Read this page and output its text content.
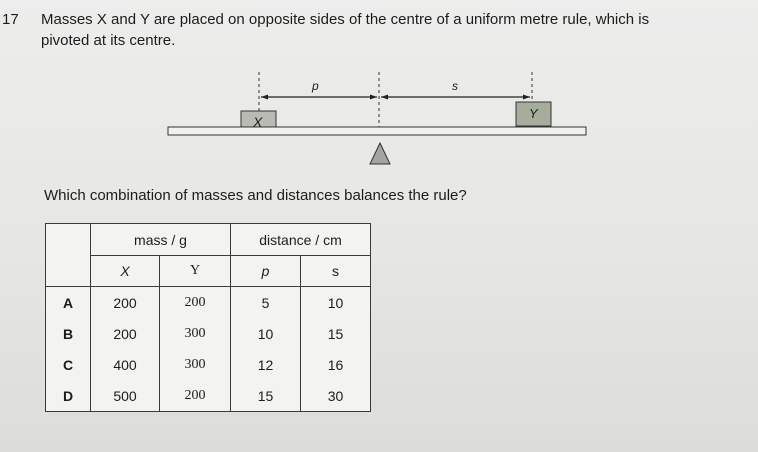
17 Masses X and Y are placed on opposite sides of the centre of a uniform metre rule, which is
pivoted at its centre.
p	s
X
Y
Which combination of masses and distances balances the rule?
	mass / g		distance / cm	
	X	Y	p	s
A	200	200	5	10
B	200	300	10	15
C	400	300	12	16
D	500	200	15	30
